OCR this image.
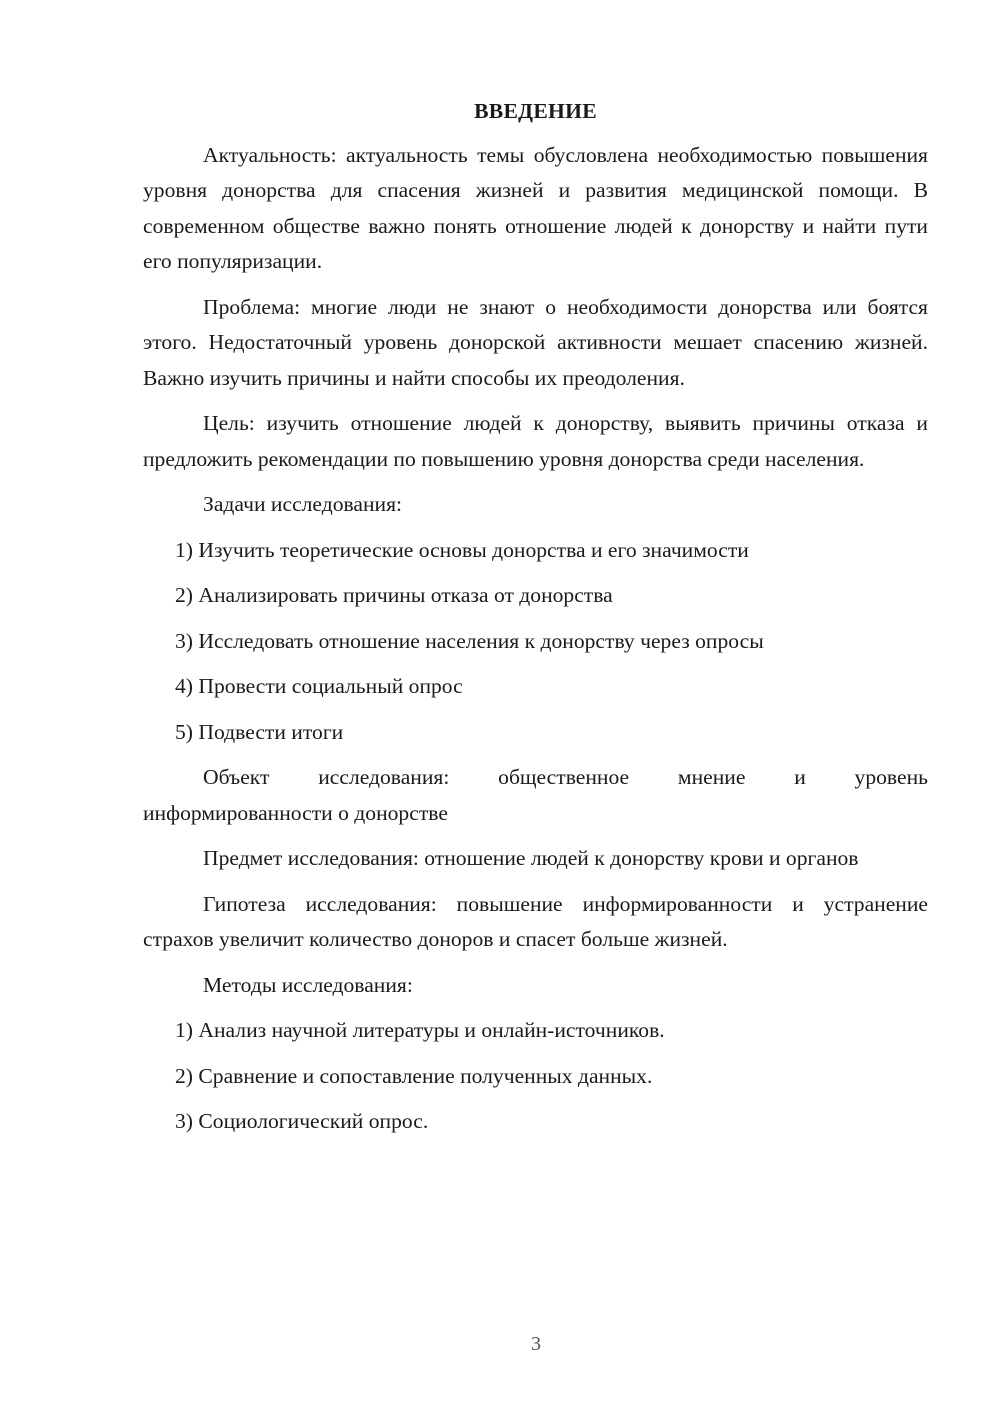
ВВЕДЕНИЕ

Актуальность: актуальность темы обусловлена необходимостью повышения уровня донорства для спасения жизней и развития медицинской помощи. В современном обществе важно понять отношение людей к донорству и найти пути его популяризации.

Проблема: многие люди не знают о необходимости донорства или боятся этого. Недостаточный уровень донорской активности мешает спасению жизней. Важно изучить причины и найти способы их преодоления.

Цель: изучить отношение людей к донорству, выявить причины отказа и предложить рекомендации по повышению уровня донорства среди населения.

Задачи исследования:

1) Изучить теоретические основы донорства и его значимости

2) Анализировать причины отказа от донорства

3) Исследовать отношение населения к донорству через опросы

4) Провести социальный опрос

5) Подвести итоги

Объект исследования: общественное мнение и уровень

информированности о донорстве

Предмет исследования: отношение людей к донорству крови и органов

Гипотеза исследования: повышение информированности и устранение страхов увеличит количество доноров и спасет больше жизней.

Методы исследования:

1) Анализ научной литературы и онлайн-источников.

2) Сравнение и сопоставление полученных данных.

3) Социологический опрос.

3
